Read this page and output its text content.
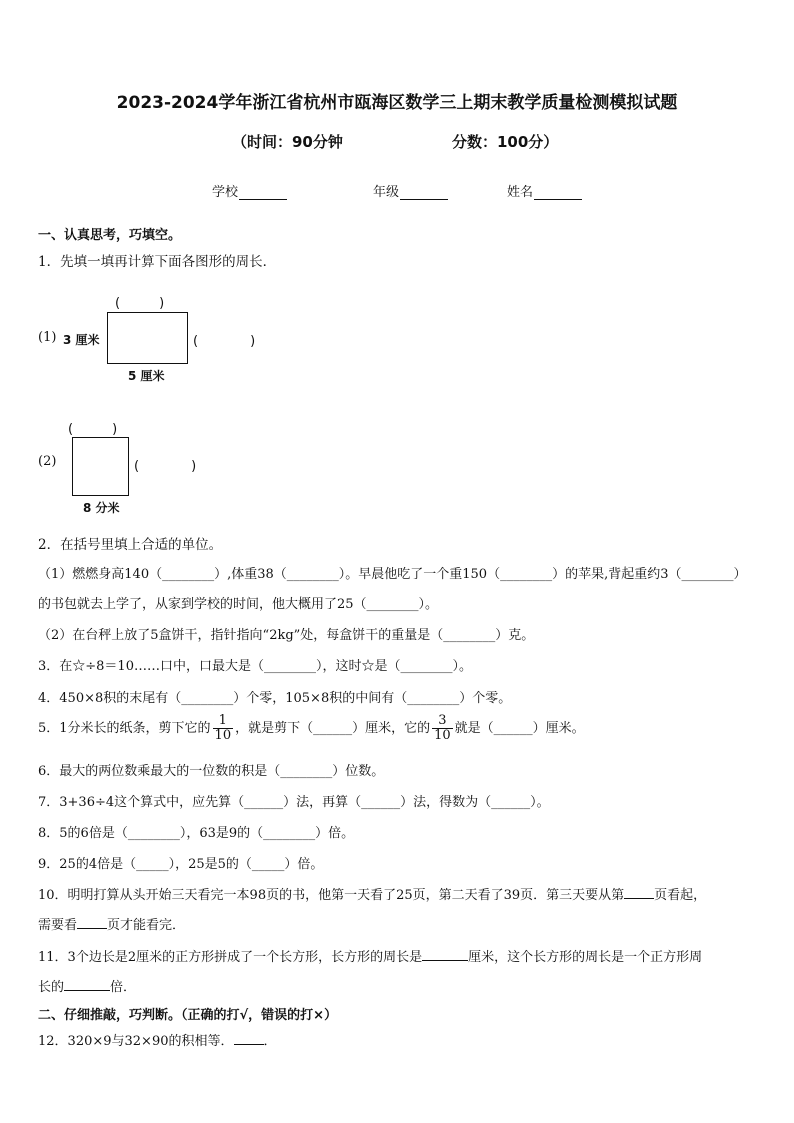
2023-2024学年浙江省杭州市瓯海区数学三上期末教学质量检测模拟试题
（时间：90分钟	分数：100分）
学校	年级	姓名
一、认真思考，巧填空。
1．先填一填再计算下面各图形的周长．
(1)
(　　　)
3 厘米	(　　　　)
5 厘米
(2)
(　　　)
(　　　　)
8 分米
2．在括号里填上合适的单位。
（1）燃燃身高140（________）,体重38（________）。早晨他吃了一个重150（________）的苹果,背起重约3（________）
的书包就去上学了，从家到学校的时间，他大概用了25（________）。
（2）在台秤上放了5盒饼干，指针指向“2kg”处，每盒饼干的重量是（________）克。
3．在☆÷8＝10……口中，口最大是（________），这时☆是（________）。
4．450×8积的末尾有（________）个零，105×8积的中间有（________）个零。
5．1分米长的纸条，剪下它的 $\frac{1}{10}$ ，就是剪下（______）厘米，它的 $\frac{3}{10}$ 就是（______）厘米。
6．最大的两位数乘最大的一位数的积是（________）位数。
7．3+36÷4这个算式中，应先算（______）法，再算（______）法，得数为（______）。
8．5的6倍是（________），63是9的（________）倍。
9．25的4倍是（_____），25是5的（_____）倍。
10．明明打算从头开始三天看完一本98页的书，他第一天看了25页，第二天看了39页．第三天要从第 页看起，
需要看 页才能看完．
11．3个边长是2厘米的正方形拼成了一个长方形，长方形的周长是	厘米，这个长方形的周长是一个正方形周
长的	倍．
二、仔细推敲，巧判断。（正确的打√，错误的打×）
12．320×9与32×90的积相等． ．
